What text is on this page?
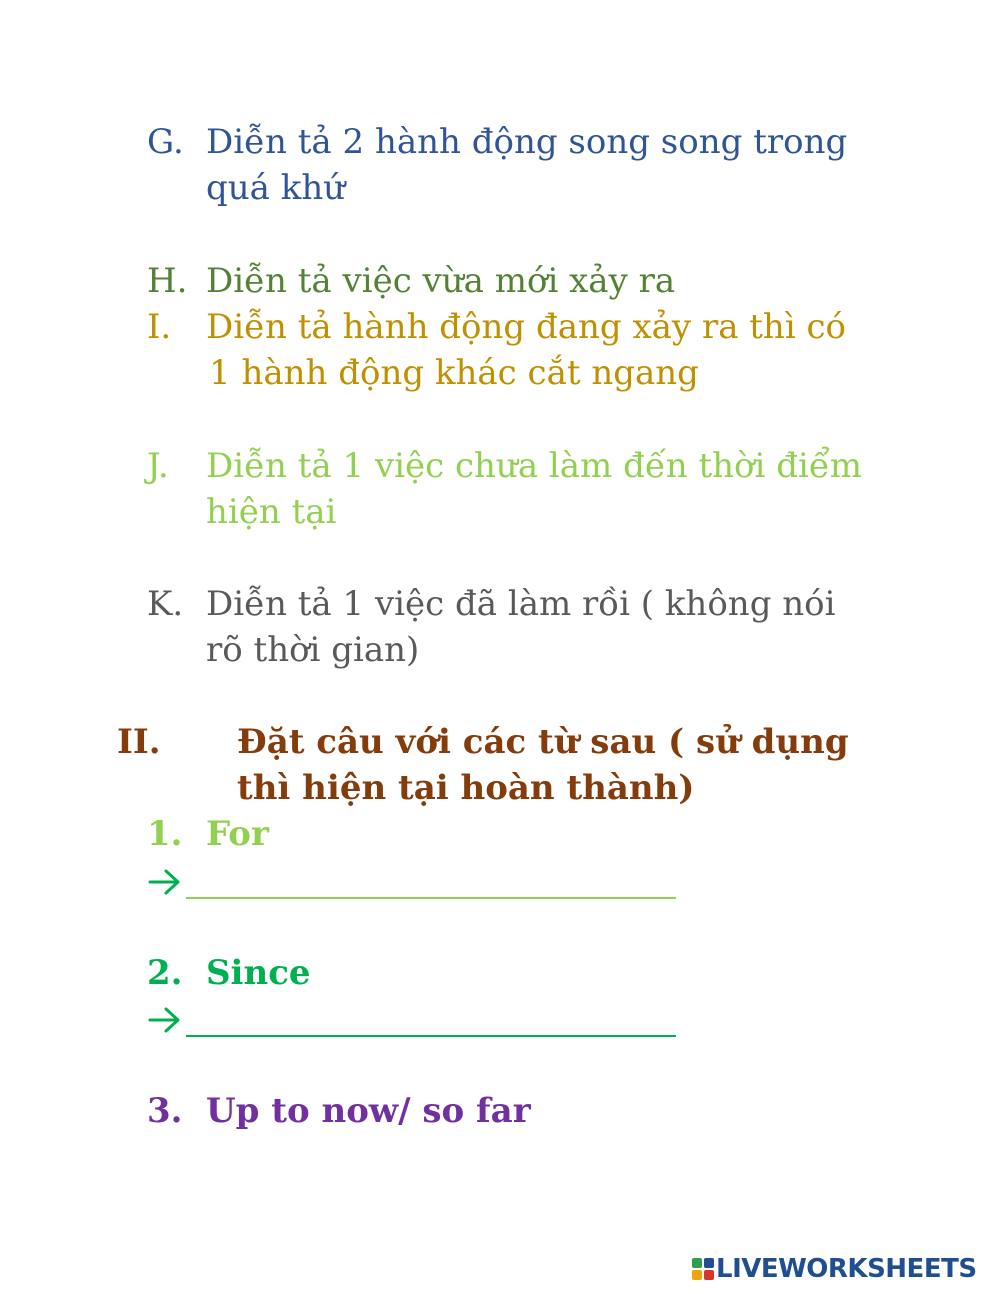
G. Diễn tả 2 hành động song song trong
quá khứ
H. Diễn tả việc vừa mới xảy ra
I. Diễn tả hành động đang xảy ra thì có
1 hành động khác cắt ngang
J. Diễn tả 1 việc chưa làm đến thời điểm
hiện tại
K. Diễn tả 1 việc đã làm rồi ( không nói
rõ thời gian)
II. Đặt câu với các từ sau ( sử dụng
thì hiện tại hoàn thành)
1. For
2. Since
3. Up to now/ so far
LIVEWORKSHEETS
